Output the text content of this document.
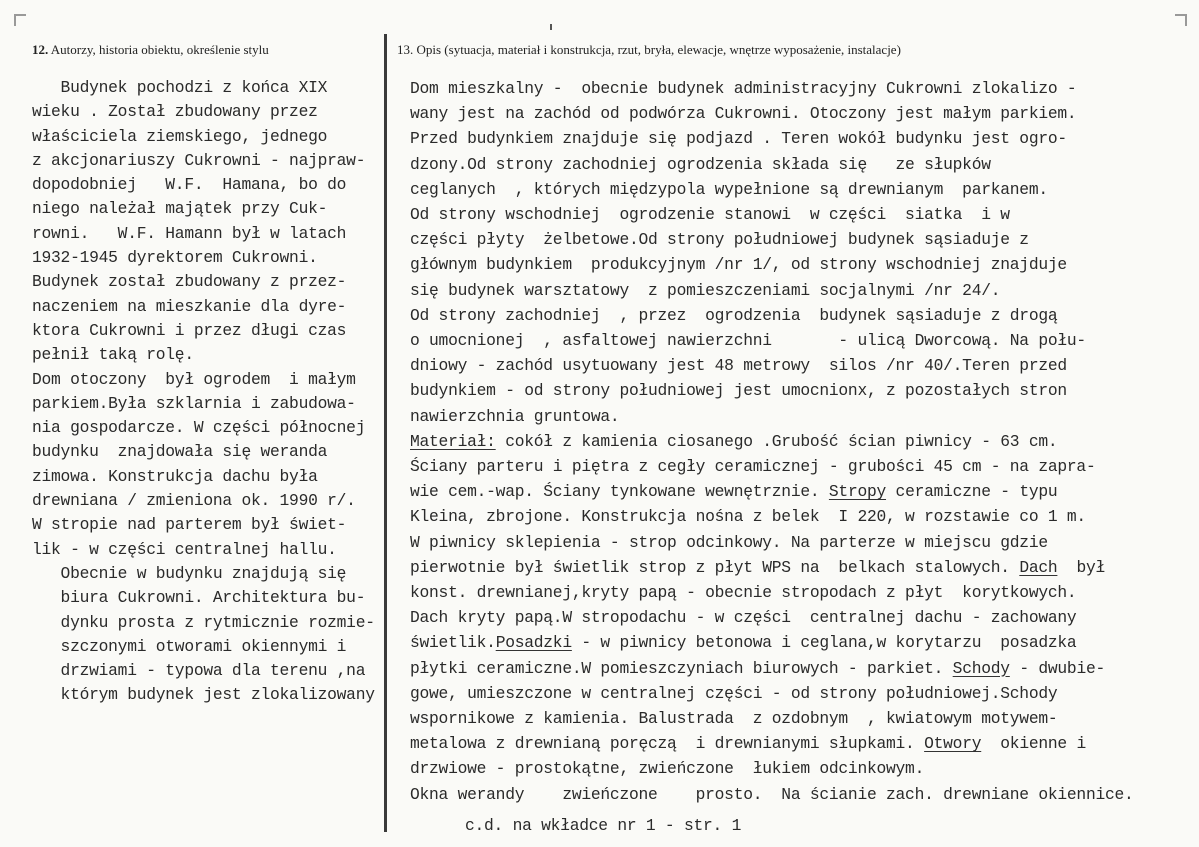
12. Autorzy, historia obiektu, określenie stylu	13. Opis (sytuacja, materiał i konstrukcja, rzut, bryła, elewacje, wnętrze wyposażenie, instalacje)
Budynek pochodzi z końca XIX
wieku . Został zbudowany przez
właściciela ziemskiego, jednego
z akcjonariuszy Cukrowni - najpraw-
dopodobniej   W.F.  Hamana, bo do
niego należał majątek przy Cuk-
rowni.   W.F. Hamann był w latach
1932-1945 dyrektorem Cukrowni.
Budynek został zbudowany z przez-
naczeniem na mieszkanie dla dyre-
ktora Cukrowni i przez długi czas
pełnił taką rolę.
Dom otoczony  był ogrodem  i małym
parkiem.Była szklarnia i zabudowa-
nia gospodarcze. W części północnej
budynku  znajdowała się weranda
zimowa. Konstrukcja dachu była
drewniana / zmieniona ok. 1990 r/.
W stropie nad parterem był świet-
lik - w części centralnej hallu.
Obecnie w budynku znajdują się
biura Cukrowni. Architektura bu-
dynku prosta z rytmicznie rozmie-
szczonymi otworami okiennymi i
drzwiami - typowa dla terenu ,na
którym budynek jest zlokalizowany
Dom mieszkalny -  obecnie budynek administracyjny Cukrowni zlokalizo -
wany jest na zachód od podwórza Cukrowni. Otoczony jest małym parkiem.
Przed budynkiem znajduje się podjazd . Teren wokół budynku jest ogro-
dzony.Od strony zachodniej ogrodzenia składa się   ze słupków
ceglanych  , których międzypola wypełnione są drewnianym  parkanem.
Od strony wschodniej  ogrodzenie stanowi  w części  siatka  i w
części płyty  żelbetowe.Od strony południowej budynek sąsiaduje z
głównym budynkiem  produkcyjnym /nr 1/, od strony wschodniej znajduje
się budynek warsztatowy  z pomieszczeniami socjalnymi /nr 24/.
Od strony zachodniej  , przez  ogrodzenia  budynek sąsiaduje z drogą
o umocnionej  , asfaltowej nawierzchni       - ulicą Dworcową. Na połu-
dniowy - zachód usytuowany jest 48 metrowy  silos /nr 40/.Teren przed
budynkiem - od strony południowej jest umocnionx, z pozostałych stron
nawierzchnia gruntowa.
Materiał: cokół z kamienia ciosanego .Grubość ścian piwnicy - 63 cm.
Ściany parteru i piętra z cegły ceramicznej - grubości 45 cm - na zapra-
wie cem.-wap. Ściany tynkowane wewnętrznie. Stropy ceramiczne - typu
Kleina, zbrojone. Konstrukcja nośna z belek  I 220, w rozstawie co 1 m.
W piwnicy sklepienia - strop odcinkowy. Na parterze w miejscu gdzie
pierwotnie był świetlik strop z płyt WPS na  belkach stalowych. Dach  był
konst. drewnianej,kryty papą - obecnie stropodach z płyt  korytkowych.
Dach kryty papą.W stropodachu - w części  centralnej dachu - zachowany
świetlik.Posadzki - w piwnicy betonowa i ceglana,w korytarzu  posadzka
płytki ceramiczne.W pomieszczyniach biurowych - parkiet. Schody - dwubie-
gowe, umieszczone w centralnej części - od strony południowej.Schody
wspornikowe z kamienia. Balustrada  z ozdobnym  , kwiatowym motywem-
metalowa z drewnianą poręczą  i drewnianymi słupkami. Otwory  okienne i
drzwiowe - prostokątne, zwieńczone  łukiem odcinkowym.
Okna werandy    zwieńczone    prosto.  Na ścianie zach. drewniane okiennice.
c.d. na wkładce nr 1 - str. 1
